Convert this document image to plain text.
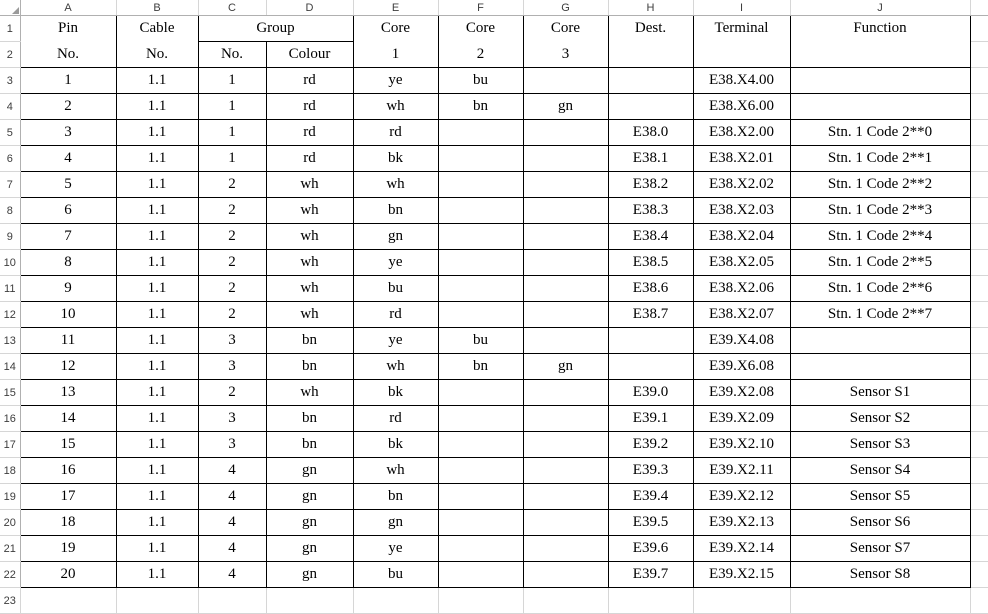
	A	B	C	D	E	F	G	H	I	J	
1	Pin	Cable	Group		Core	Core	Core	Dest.	Terminal	Function	
2	No.	No.	No.	Colour	1	2	3				
3	1	1.1	1	rd	ye	bu			E38.X4.00		
4	2	1.1	1	rd	wh	bn	gn		E38.X6.00		
5	3	1.1	1	rd	rd			E38.0	E38.X2.00	Stn. 1 Code 2**0	
6	4	1.1	1	rd	bk			E38.1	E38.X2.01	Stn. 1 Code 2**1	
7	5	1.1	2	wh	wh			E38.2	E38.X2.02	Stn. 1 Code 2**2	
8	6	1.1	2	wh	bn			E38.3	E38.X2.03	Stn. 1 Code 2**3	
9	7	1.1	2	wh	gn			E38.4	E38.X2.04	Stn. 1 Code 2**4	
10	8	1.1	2	wh	ye			E38.5	E38.X2.05	Stn. 1 Code 2**5	
11	9	1.1	2	wh	bu			E38.6	E38.X2.06	Stn. 1 Code 2**6	
12	10	1.1	2	wh	rd			E38.7	E38.X2.07	Stn. 1 Code 2**7	
13	11	1.1	3	bn	ye	bu			E39.X4.08		
14	12	1.1	3	bn	wh	bn	gn		E39.X6.08		
15	13	1.1	2	wh	bk			E39.0	E39.X2.08	Sensor S1	
16	14	1.1	3	bn	rd			E39.1	E39.X2.09	Sensor S2	
17	15	1.1	3	bn	bk			E39.2	E39.X2.10	Sensor S3	
18	16	1.1	4	gn	wh			E39.3	E39.X2.11	Sensor S4	
19	17	1.1	4	gn	bn			E39.4	E39.X2.12	Sensor S5	
20	18	1.1	4	gn	gn			E39.5	E39.X2.13	Sensor S6	
21	19	1.1	4	gn	ye			E39.6	E39.X2.14	Sensor S7	
22	20	1.1	4	gn	bu			E39.7	E39.X2.15	Sensor S8	
23											
